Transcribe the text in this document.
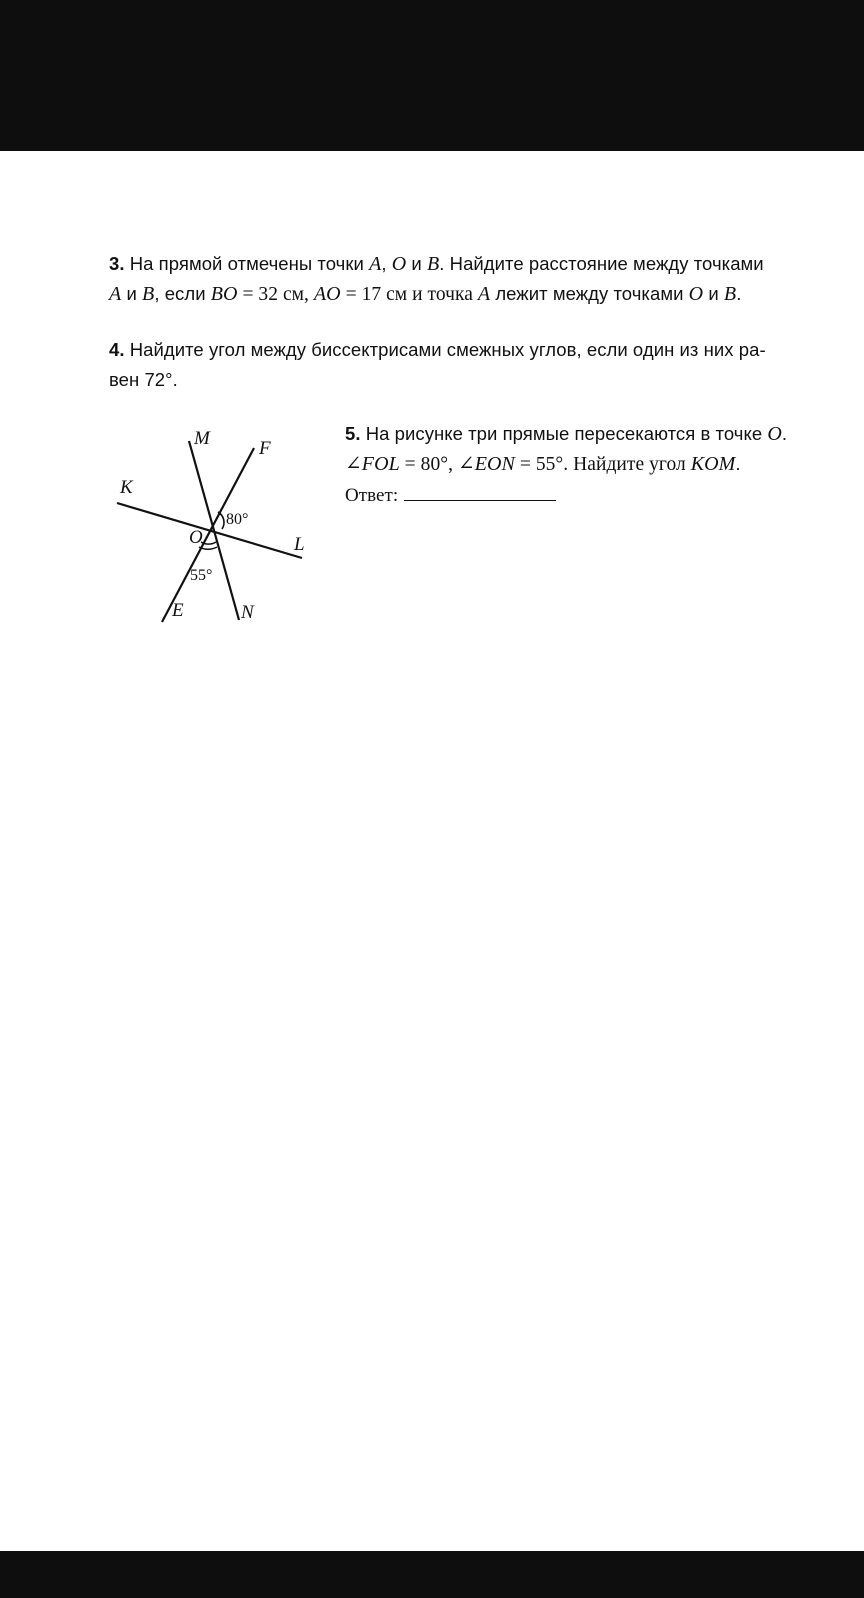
3. На прямой отмечены точки A, O и B. Найдите расстояние между точками
A и B, если BO = 32 см, AO = 17 см и точка A лежит между точками O и B.
4. Найдите угол между биссектрисами смежных углов, если один из них ра-
вен 72°.
5. На рисунке три прямые пересекаются в точке O.
∠FOL = 80°, ∠EON = 55°. Найдите угол KOM.
Ответ:
M	F
K
O	L
E	N
80°
55°
